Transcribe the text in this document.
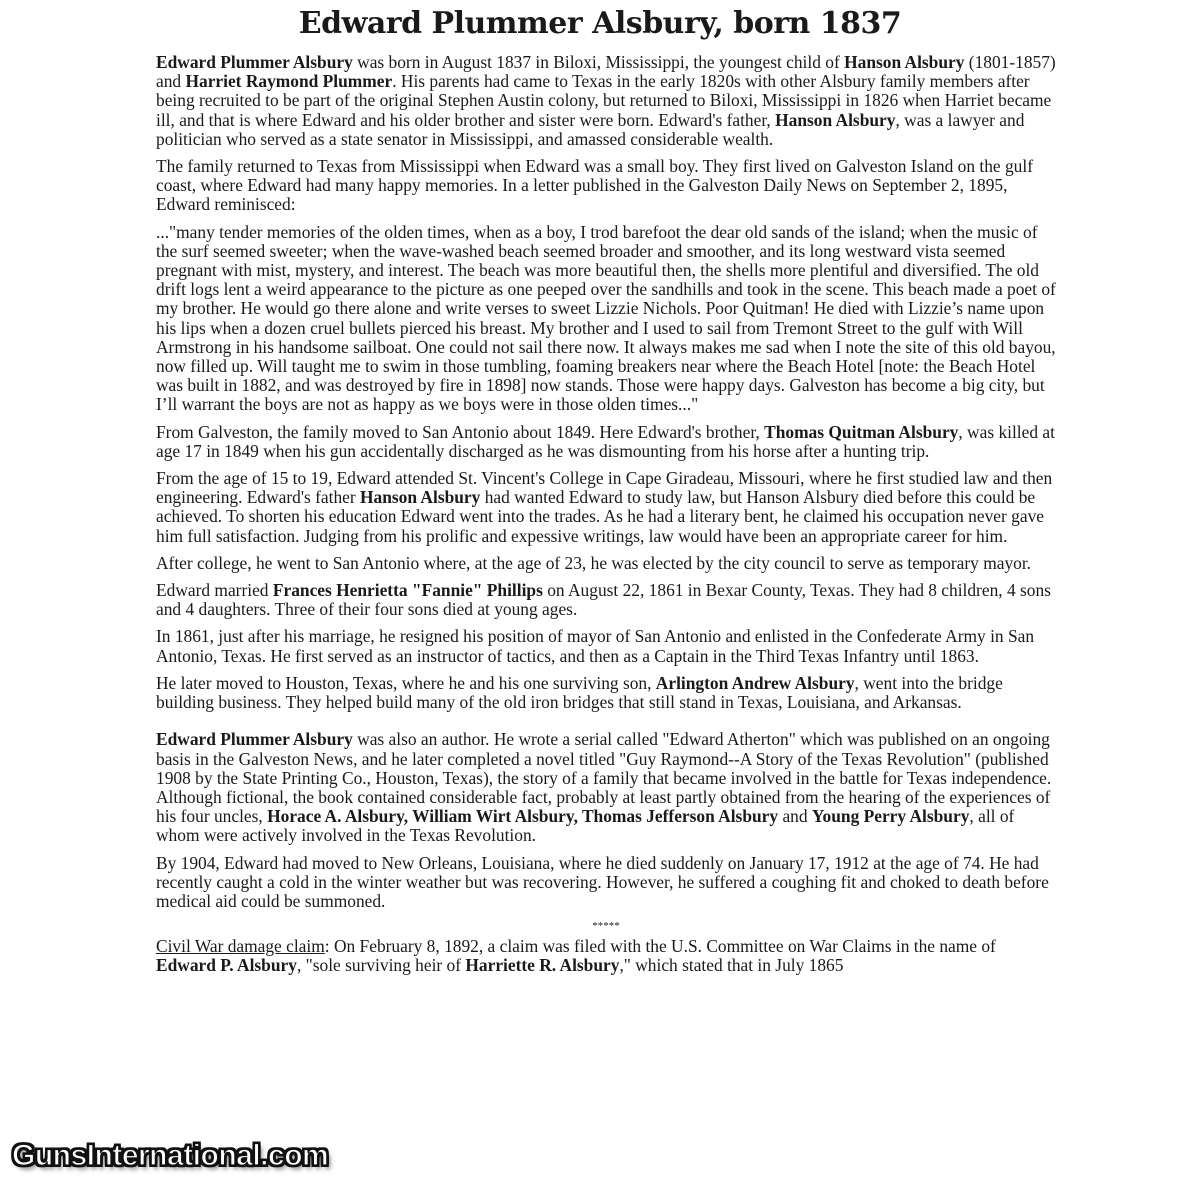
Edward Plummer Alsbury, born 1837

Edward Plummer Alsbury was born in August 1837 in Biloxi, Mississippi, the youngest child of Hanson Alsbury (1801-1857) and Harriet Raymond Plummer. His parents had came to Texas in the early 1820s with other Alsbury family members after being recruited to be part of the original Stephen Austin colony, but returned to Biloxi, Mississippi in 1826 when Harriet became ill, and that is where Edward and his older brother and sister were born. Edward's father, Hanson Alsbury, was a lawyer and politician who served as a state senator in Mississippi, and amassed considerable wealth.

The family returned to Texas from Mississippi when Edward was a small boy. They first lived on Galveston Island on the gulf coast, where Edward had many happy memories. In a letter published in the Galveston Daily News on September 2, 1895, Edward reminisced:

..."many tender memories of the olden times, when as a boy, I trod barefoot the dear old sands of the island; when the music of the surf seemed sweeter; when the wave-washed beach seemed broader and smoother, and its long westward vista seemed pregnant with mist, mystery, and interest. The beach was more beautiful then, the shells more plentiful and diversified. The old drift logs lent a weird appearance to the picture as one peeped over the sandhills and took in the scene. This beach made a poet of my brother. He would go there alone and write verses to sweet Lizzie Nichols. Poor Quitman! He died with Lizzie’s name upon his lips when a dozen cruel bullets pierced his breast. My brother and I used to sail from Tremont Street to the gulf with Will Armstrong in his handsome sailboat. One could not sail there now. It always makes me sad when I note the site of this old bayou, now filled up. Will taught me to swim in those tumbling, foaming breakers near where the Beach Hotel [note: the Beach Hotel was built in 1882, and was destroyed by fire in 1898] now stands. Those were happy days. Galveston has become a big city, but I’ll warrant the boys are not as happy as we boys were in those olden times..."

From Galveston, the family moved to San Antonio about 1849. Here Edward's brother, Thomas Quitman Alsbury, was killed at age 17 in 1849 when his gun accidentally discharged as he was dismounting from his horse after a hunting trip.

From the age of 15 to 19, Edward attended St. Vincent's College in Cape Giradeau, Missouri, where he first studied law and then engineering. Edward's father Hanson Alsbury had wanted Edward to study law, but Hanson Alsbury died before this could be achieved. To shorten his education Edward went into the trades. As he had a literary bent, he claimed his occupation never gave him full satisfaction. Judging from his prolific and expessive writings, law would have been an appropriate career for him.

After college, he went to San Antonio where, at the age of 23, he was elected by the city council to serve as temporary mayor.

Edward married Frances Henrietta "Fannie" Phillips on August 22, 1861 in Bexar County, Texas. They had 8 children, 4 sons and 4 daughters. Three of their four sons died at young ages.

In 1861, just after his marriage, he resigned his position of mayor of San Antonio and enlisted in the Confederate Army in San Antonio, Texas. He first served as an instructor of tactics, and then as a Captain in the Third Texas Infantry until 1863.

He later moved to Houston, Texas, where he and his one surviving son, Arlington Andrew Alsbury, went into the bridge building business. They helped build many of the old iron bridges that still stand in Texas, Louisiana, and Arkansas.

Edward Plummer Alsbury was also an author. He wrote a serial called "Edward Atherton" which was published on an ongoing basis in the Galveston News, and he later completed a novel titled "Guy Raymond--A Story of the Texas Revolution" (published 1908 by the State Printing Co., Houston, Texas), the story of a family that became involved in the battle for Texas independence. Although fictional, the book contained considerable fact, probably at least partly obtained from the hearing of the experiences of his four uncles, Horace A. Alsbury, William Wirt Alsbury, Thomas Jefferson Alsbury and Young Perry Alsbury, all of whom were actively involved in the Texas Revolution.

By 1904, Edward had moved to New Orleans, Louisiana, where he died suddenly on January 17, 1912 at the age of 74. He had recently caught a cold in the winter weather but was recovering. However, he suffered a coughing fit and choked to death before medical aid could be summoned.

*****

Civil War damage claim: On February 8, 1892, a claim was filed with the U.S. Committee on War Claims in the name of Edward P. Alsbury, "sole surviving heir of Harriette R. Alsbury," which stated that in July 1865

GunsInternational.com
